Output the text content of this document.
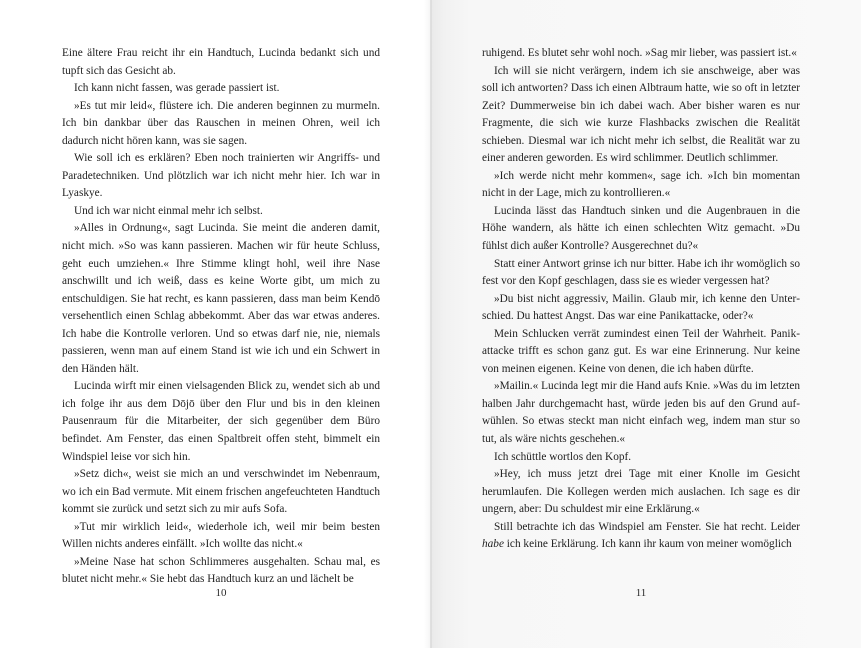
Eine ältere Frau reicht ihr ein Handtuch, Lucinda bedankt sich und tupft sich das Gesicht ab.

Ich kann nicht fassen, was gerade passiert ist.

»Es tut mir leid«, flüstere ich. Die anderen beginnen zu murmeln. Ich bin dankbar über das Rauschen in meinen Ohren, weil ich dadurch nicht hören kann, was sie sagen.

Wie soll ich es erklären? Eben noch trainierten wir Angriffs- und Paradetechniken. Und plötzlich war ich nicht mehr hier. Ich war in Lyaskye.

Und ich war nicht einmal mehr ich selbst.

»Alles in Ordnung«, sagt Lucinda. Sie meint die anderen damit, nicht mich. »So was kann passieren. Machen wir für heute Schluss, geht euch umziehen.« Ihre Stimme klingt hohl, weil ihre Nase anschwillt und ich weiß, dass es keine Worte gibt, um mich zu entschuldigen. Sie hat recht, es kann passieren, dass man beim Kendō versehentlich einen Schlag abbekommt. Aber das war etwas anderes. Ich habe die Kontrolle verloren. Und so etwas darf nie, nie, niemals passieren, wenn man auf einem Stand ist wie ich und ein Schwert in den Händen hält.

Lucinda wirft mir einen vielsagenden Blick zu, wendet sich ab und ich folge ihr aus dem Dōjō über den Flur und bis in den kleinen Pausenraum für die Mitarbeiter, der sich gegenüber dem Büro befindet. Am Fenster, das einen Spaltbreit offen steht, bimmelt ein Windspiel leise vor sich hin.

»Setz dich«, weist sie mich an und verschwindet im Nebenraum, wo ich ein Bad vermute. Mit einem frischen angefeuchteten Handtuch kommt sie zurück und setzt sich zu mir aufs Sofa.

»Tut mir wirklich leid«, wiederhole ich, weil mir beim besten Willen nichts anderes einfällt. »Ich wollte das nicht.«

»Meine Nase hat schon Schlimmeres ausgehalten. Schau mal, es blutet nicht mehr.« Sie hebt das Handtuch kurz an und lächelt be

10

ruhigend. Es blutet sehr wohl noch. »Sag mir lieber, was passiert ist.«

Ich will sie nicht verärgern, indem ich sie anschweige, aber was soll ich antworten? Dass ich einen Albtraum hatte, wie so oft in letzter Zeit? Dummerweise bin ich dabei wach. Aber bisher waren es nur Fragmente, die sich wie kurze Flashbacks zwischen die Realität schieben. Diesmal war ich nicht mehr ich selbst, die Realität war zu einer anderen geworden. Es wird schlimmer. Deutlich schlimmer.

»Ich werde nicht mehr kommen«, sage ich. »Ich bin momentan nicht in der Lage, mich zu kontrollieren.«

Lucinda lässt das Handtuch sinken und die Augenbrauen in die Höhe wandern, als hätte ich einen schlechten Witz gemacht. »Du fühlst dich außer Kontrolle? Ausgerechnet du?«

Statt einer Antwort grinse ich nur bitter. Habe ich ihr womöglich so fest vor den Kopf geschlagen, dass sie es wieder vergessen hat?

»Du bist nicht aggressiv, Mailin. Glaub mir, ich kenne den Unterschied. Du hattest Angst. Das war eine Panikattacke, oder?«

Mein Schlucken verrät zumindest einen Teil der Wahrheit. Panikattacke trifft es schon ganz gut. Es war eine Erinnerung. Nur keine von meinen eigenen. Keine von denen, die ich haben dürfte.

»Mailin.« Lucinda legt mir die Hand aufs Knie. »Was du im letzten halben Jahr durchgemacht hast, würde jeden bis auf den Grund aufwühlen. So etwas steckt man nicht einfach weg, indem man stur so tut, als wäre nichts geschehen.«

Ich schüttle wortlos den Kopf.

»Hey, ich muss jetzt drei Tage mit einer Knolle im Gesicht herumlaufen. Die Kollegen werden mich auslachen. Ich sage es dir ungern, aber: Du schuldest mir eine Erklärung.«

Still betrachte ich das Windspiel am Fenster. Sie hat recht. Leider habe ich keine Erklärung. Ich kann ihr kaum von meiner womöglich

11
